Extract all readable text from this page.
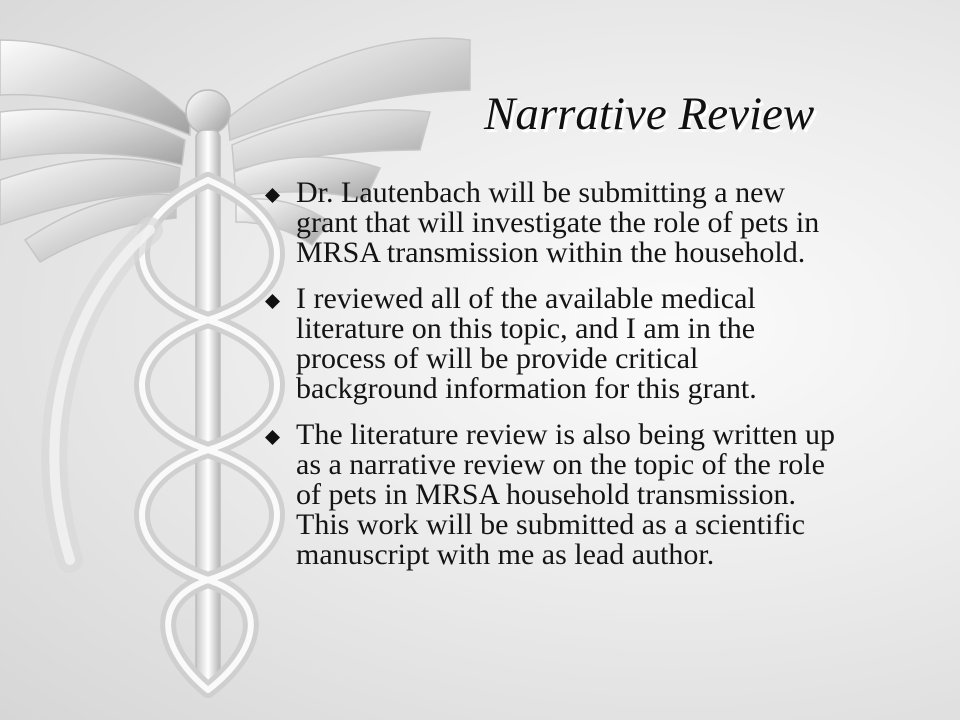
Narrative Review
Dr. Lautenbach will be submitting a new
grant that will investigate the role of pets in
MRSA transmission within the household.
I reviewed all of the available medical
literature on this topic, and I am in the
process of will be provide critical
background information for this grant.
The literature review is also being written up
as a narrative review on the topic of the role
of pets in MRSA household transmission.
This work will be submitted as a scientific
manuscript with me as lead author.
